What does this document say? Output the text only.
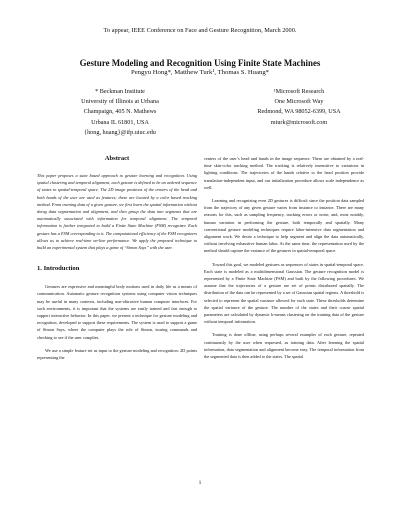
To appear, IEEE Conference on Face and Gesture Recognition, March 2000.
Gesture Modeling and Recognition Using Finite State Machines
Pengyu Hong*, Matthew Turk¹, Thomas S. Huang*
* Beckman Institute
University of Illinois at Urbana
Champaign, 405 N. Mathews
Urbana IL 61801, USA
{hong, huang}@ifp.uiuc.edu
¹Microsoft Research
One Microsoft Way
Redmond, WA 98052-6399, USA
mturk@microsoft.com
Abstract
This paper proposes a state based approach to gesture learning and recognition. Using spatial clustering and temporal alignment, each gesture is defined to be an ordered sequence of states in spatial-temporal space. The 2D image positions of the centers of the head and both hands of the user are used as features; these are located by a color based tracking method. From training data of a given gesture, we first learn the spatial information without doing data segmentation and alignment, and then group the data into segments that are automatically associated with information for temporal alignment. The temporal information is further integrated to build a Finite State Machine (FSM) recognizer. Each gesture has a FSM corresponding to it. The computational efficiency of the FSM recognizers allows us to achieve real-time on-line performance. We apply the proposed technique to build an experimental system that plays a game of “Simon Says” with the user.
1. Introduction
Gestures are expressive and meaningful body motions used in daily life as a means of communication. Automatic gesture recognition systems using computer vision techniques may be useful in many contexts, including non-obtrusive human computer interfaces. For such environments, it is important that the systems are easily trained and fast enough to support interactive behavior. In this paper, we present a technique for gesture modeling and recognition, developed to support these requirements. The system is used to support a game of Simon Says, where the computer plays the role of Simon, issuing commands and checking to see if the user complies.
We use a simple feature set as input to the gesture modeling and recognition: 2D points representing the
centers of the user’s head and hands in the image sequence. These are obtained by a real-time skin-color tracking method. The tracking is relatively insensitive to variations in lighting conditions. The trajectories of the hands relative to the head position provide translation-independent input, and our initialization procedure allows scale independence as well.
Learning and recognizing even 2D gestures is difficult since the position data sampled from the trajectory of any given gesture varies from instance to instance. There are many reasons for this, such as sampling frequency, tracking errors or noise, and, most notably, human variation in performing the gesture, both temporally and spatially. Many conventional gesture modeling techniques require labor-intensive data segmentation and alignment work. We desire a technique to help segment and align the data automatically, without involving exhaustive human labor. At the same time, the representation used by the method should capture the variance of the gestures in spatial-temporal space.
Toward this goal, we modeled gestures as sequences of states in spatial-temporal space. Each state is modeled as a multidimensional Gaussian. The gesture recognition model is represented by a Finite State Machine (FSM) and built by the following procedures. We assume that the trajectories of a gesture are set of points distributed spatially. The distribution of the data can be represented by a set of Gaussian spatial regions. A threshold is selected to represent the spatial variance allowed for each state. These thresholds determine the spatial variance of the gesture. The number of the states and their coarse spatial parameters are calculated by dynamic k-means clustering on the training data of the gesture without temporal information.
Training is done offline, using perhaps several examples of each gesture, repeated continuously by the user when requested, as training data. After learning the spatial information, data segmentation and alignment become easy. The temporal information from the segmented data is then added to the states. The spatial
1
